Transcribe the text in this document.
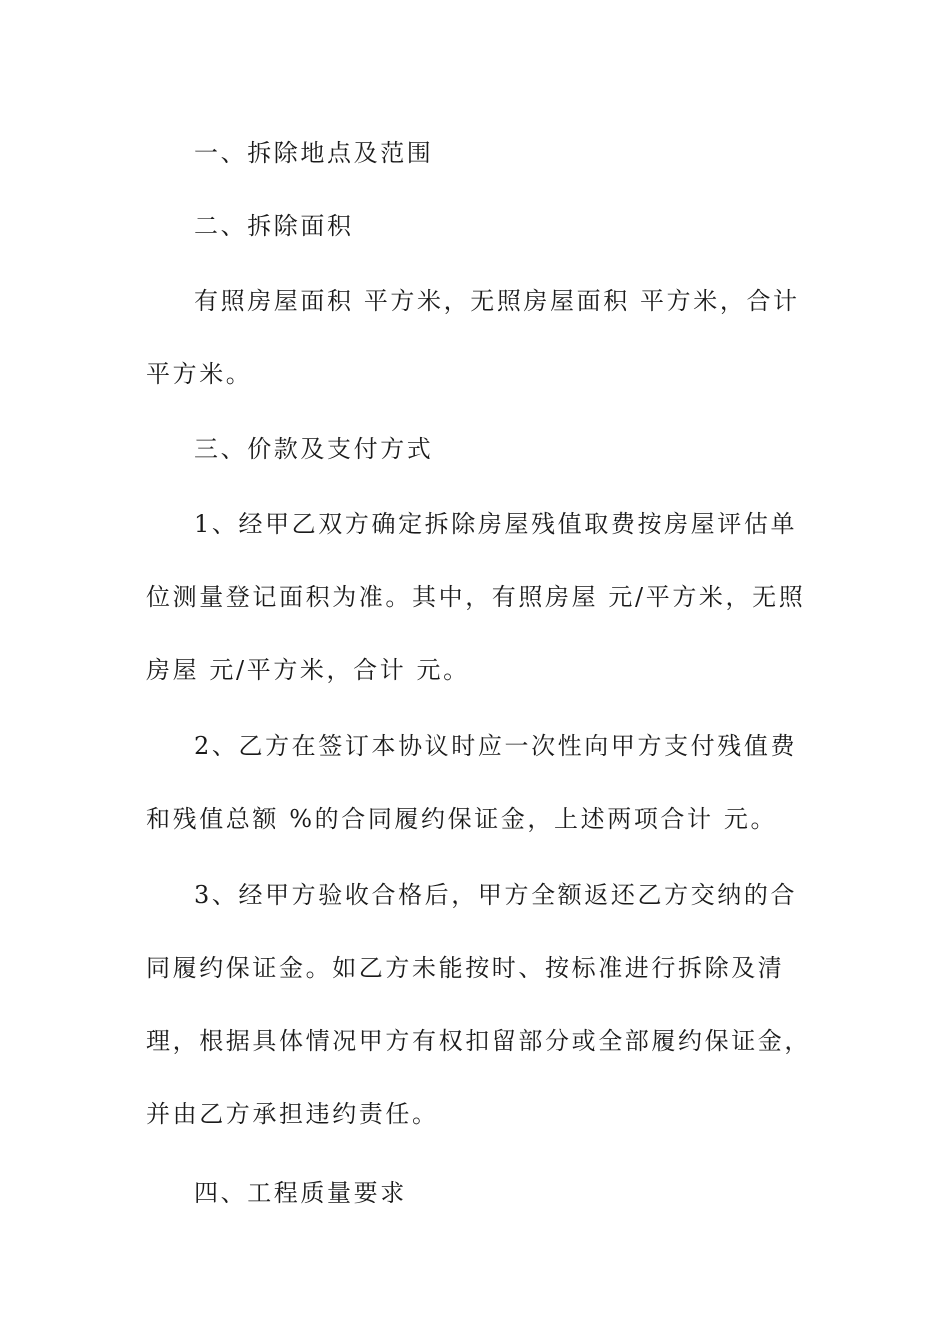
一、拆除地点及范围

二、拆除面积

有照房屋面积 平方米，无照房屋面积 平方米，合计 平方米。

三、价款及支付方式

1、经甲乙双方确定拆除房屋残值取费按房屋评估单位测量登记面积为准。其中，有照房屋 元/平方米，无照房屋 元/平方米，合计 元。

2、乙方在签订本协议时应一次性向甲方支付残值费和残值总额 %的合同履约保证金，上述两项合计 元。

3、经甲方验收合格后，甲方全额返还乙方交纳的合同履约保证金。如乙方未能按时、按标准进行拆除及清理，根据具体情况甲方有权扣留部分或全部履约保证金，并由乙方承担违约责任。

四、工程质量要求
